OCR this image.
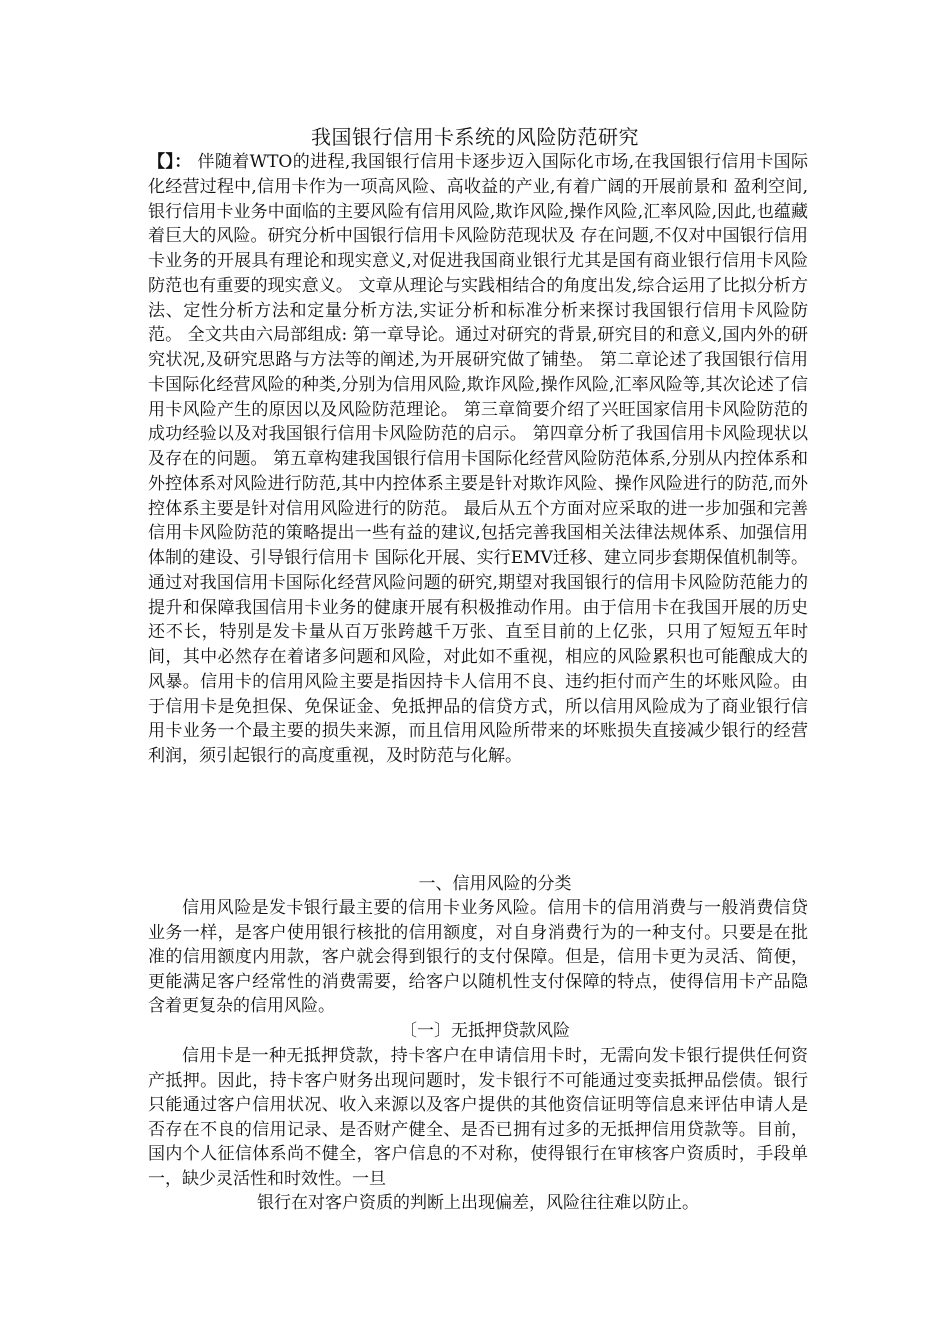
我国银行信用卡系统的风险防范研究
【】： 伴随着WTO的进程,我国银行信用卡逐步迈入国际化市场,在我国银行信用卡国际化经营过程中,信用卡作为一项高风险、高收益的产业,有着广阔的开展前景和 盈利空间,银行信用卡业务中面临的主要风险有信用风险,欺诈风险,操作风险,汇率风险,因此,也蕴藏着巨大的风险。研究分析中国银行信用卡风险防范现状及 存在问题,不仅对中国银行信用卡业务的开展具有理论和现实意义,对促进我国商业银行尤其是国有商业银行信用卡风险防范也有重要的现实意义。 文章从理论与实践相结合的角度出发,综合运用了比拟分析方法、定性分析方法和定量分析方法,实证分析和标准分析来探讨我国银行信用卡风险防范。 全文共由六局部组成: 第一章导论。通过对研究的背景,研究目的和意义,国内外的研究状况,及研究思路与方法等的阐述,为开展研究做了铺垫。 第二章论述了我国银行信用卡国际化经营风险的种类,分别为信用风险,欺诈风险,操作风险,汇率风险等,其次论述了信用卡风险产生的原因以及风险防范理论。 第三章简要介绍了兴旺国家信用卡风险防范的成功经验以及对我国银行信用卡风险防范的启示。 第四章分析了我国信用卡风险现状以及存在的问题。 第五章构建我国银行信用卡国际化经营风险防范体系,分别从内控体系和外控体系对风险进行防范,其中内控体系主要是针对欺诈风险、操作风险进行的防范,而外 控体系主要是针对信用风险进行的防范。 最后从五个方面对应采取的进一步加强和完善信用卡风险防范的策略提出一些有益的建议,包括完善我国相关法律法规体系、加强信用体制的建设、引导银行信用卡 国际化开展、实行EMV迁移、建立同步套期保值机制等。 通过对我国信用卡国际化经营风险问题的研究,期望对我国银行的信用卡风险防范能力的提升和保障我国信用卡业务的健康开展有积极推动作用。由于信用卡在我国开展的历史还不长，特别是发卡量从百万张跨越千万张、直至目前的上亿张，只用了短短五年时间，其中必然存在着诸多问题和风险，对此如不重视，相应的风险累积也可能酿成大的风暴。信用卡的信用风险主要是指因持卡人信用不良、违约拒付而产生的坏账风险。由于信用卡是免担保、免保证金、免抵押品的信贷方式，所以信用风险成为了商业银行信用卡业务一个最主要的损失来源，而且信用风险所带来的坏账损失直接减少银行的经营利润，须引起银行的高度重视，及时防范与化解。
一、信用风险的分类
信用风险是发卡银行最主要的信用卡业务风险。信用卡的信用消费与一般消费信贷业务一样，是客户使用银行核批的信用额度，对自身消费行为的一种支付。只要是在批准的信用额度内用款，客户就会得到银行的支付保障。但是，信用卡更为灵活、简便，更能满足客户经常性的消费需要，给客户以随机性支付保障的特点，使得信用卡产品隐含着更复杂的信用风险。
〔一〕无抵押贷款风险
信用卡是一种无抵押贷款，持卡客户在申请信用卡时，无需向发卡银行提供任何资产抵押。因此，持卡客户财务出现问题时，发卡银行不可能通过变卖抵押品偿债。银行只能通过客户信用状况、收入来源以及客户提供的其他资信证明等信息来评估申请人是否存在不良的信用记录、是否财产健全、是否已拥有过多的无抵押信用贷款等。目前，国内个人征信体系尚不健全，客户信息的不对称，使得银行在审核客户资质时，手段单一，缺少灵活性和时效性。一旦
银行在对客户资质的判断上出现偏差，风险往往难以防止。
